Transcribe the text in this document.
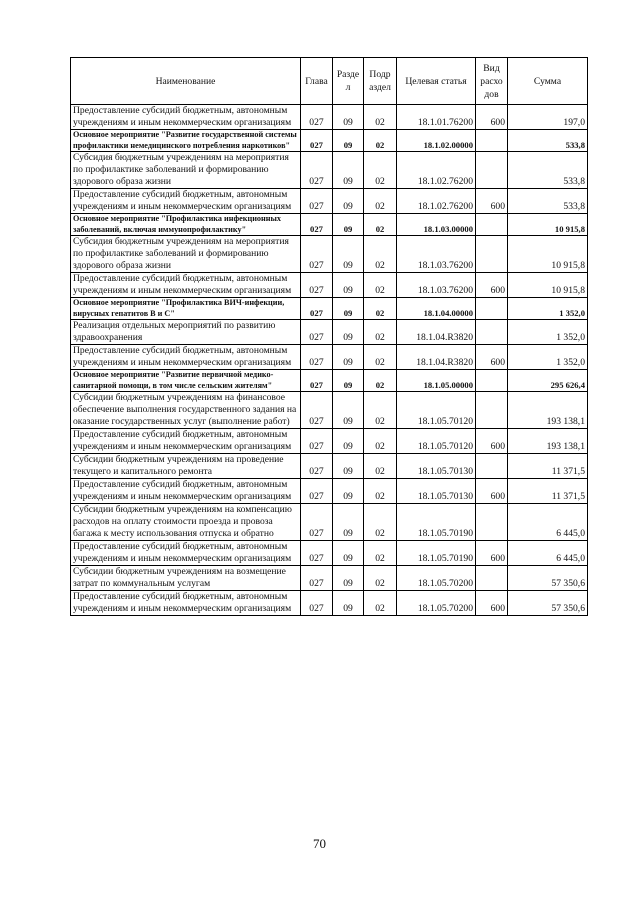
Наименование	Глава	Разде л	Подр аздел	Целевая статья	Вид расхо дов	Сумма
Предоставление субсидий бюджетным, автономным учреждениям и иным некоммерческим организациям	027	09	02	18.1.01.76200	600	197,0
Основное мероприятие "Развитие государственной системы профилактики немедицинского потребления наркотиков"	027	09	02	18.1.02.00000		533,8
Субсидия бюджетным учреждениям на мероприятия по профилактике заболеваний и формированию здорового образа жизни	027	09	02	18.1.02.76200		533,8
Предоставление субсидий бюджетным, автономным учреждениям и иным некоммерческим организациям	027	09	02	18.1.02.76200	600	533,8
Основное мероприятие "Профилактика инфекционных заболеваний, включая иммунопрофилактику"	027	09	02	18.1.03.00000		10 915,8
Субсидия бюджетным учреждениям на мероприятия по профилактике заболеваний и формированию здорового образа жизни	027	09	02	18.1.03.76200		10 915,8
Предоставление субсидий бюджетным, автономным учреждениям и иным некоммерческим организациям	027	09	02	18.1.03.76200	600	10 915,8
Основное мероприятие "Профилактика ВИЧ-инфекции, вирусных гепатитов В и С"	027	09	02	18.1.04.00000		1 352,0
Реализация отдельных мероприятий по развитию здравоохранения	027	09	02	18.1.04.R3820		1 352,0
Предоставление субсидий бюджетным, автономным учреждениям и иным некоммерческим организациям	027	09	02	18.1.04.R3820	600	1 352,0
Основное мероприятие "Развитие первичной медико-санитарной помощи, в том числе сельским жителям"	027	09	02	18.1.05.00000		295 626,4
Субсидии бюджетным учреждениям на финансовое обеспечение выполнения государственного задания на оказание государственных услуг (выполнение работ)	027	09	02	18.1.05.70120		193 138,1
Предоставление субсидий бюджетным, автономным учреждениям и иным некоммерческим организациям	027	09	02	18.1.05.70120	600	193 138,1
Субсидии бюджетным учреждениям на проведение текущего и капитального ремонта	027	09	02	18.1.05.70130		11 371,5
Предоставление субсидий бюджетным, автономным учреждениям и иным некоммерческим организациям	027	09	02	18.1.05.70130	600	11 371,5
Субсидии бюджетным учреждениям на компенсацию расходов на оплату стоимости проезда и провоза багажа к месту использования отпуска и обратно	027	09	02	18.1.05.70190		6 445,0
Предоставление субсидий бюджетным, автономным учреждениям и иным некоммерческим организациям	027	09	02	18.1.05.70190	600	6 445,0
Субсидии бюджетным учреждениям на возмещение затрат по коммунальным услугам	027	09	02	18.1.05.70200		57 350,6
Предоставление субсидий бюджетным, автономным учреждениям и иным некоммерческим организациям	027	09	02	18.1.05.70200	600	57 350,6
70
